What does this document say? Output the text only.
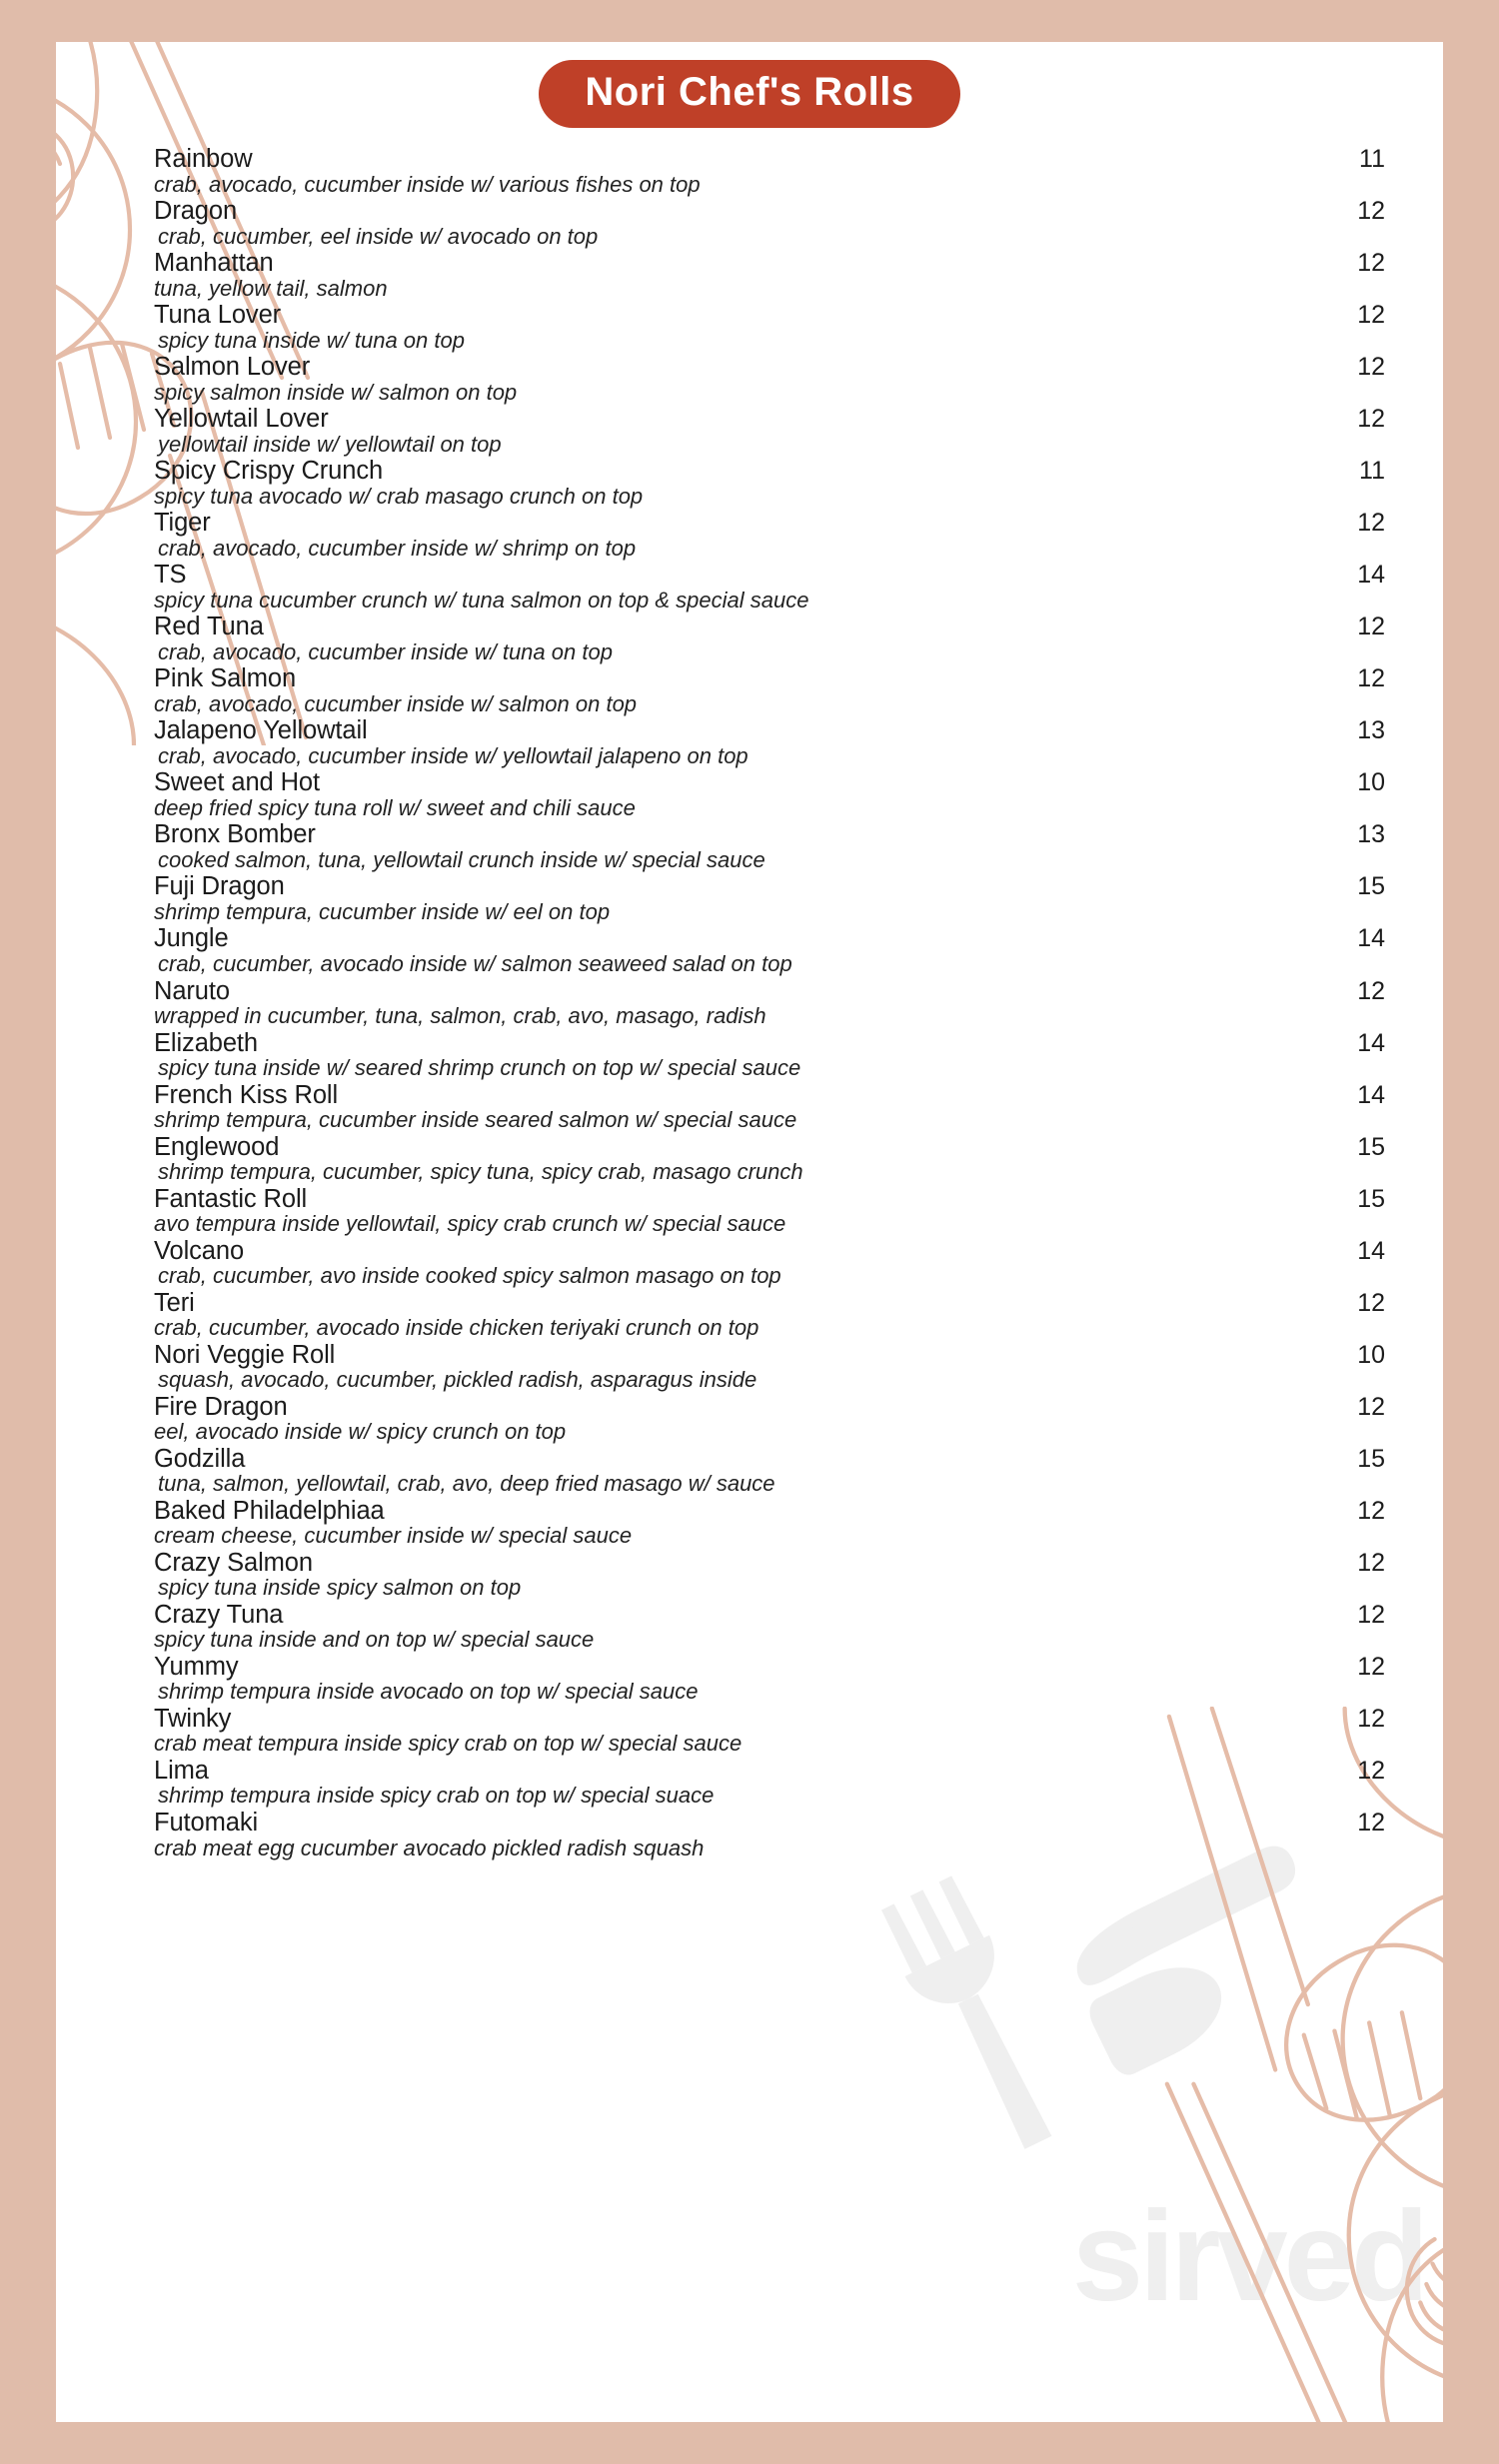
sirved
Nori Chef's Rolls
Rainbow	11
crab, avocado, cucumber inside w/ various fishes on top
Dragon	12
crab, cucumber, eel inside w/ avocado on top
Manhattan	12
tuna, yellow tail, salmon
Tuna Lover	12
spicy tuna inside w/ tuna on top
Salmon Lover	12
spicy salmon inside w/ salmon on top
Yellowtail Lover	12
yellowtail inside w/ yellowtail on top
Spicy Crispy Crunch	11
spicy tuna avocado w/ crab masago crunch on top
Tiger	12
crab, avocado, cucumber inside w/ shrimp on top
TS	14
spicy tuna cucumber crunch w/ tuna salmon on top & special sauce
Red Tuna	12
crab, avocado, cucumber inside w/ tuna on top
Pink Salmon	12
crab, avocado, cucumber inside w/ salmon on top
Jalapeno Yellowtail	13
crab, avocado, cucumber inside w/ yellowtail jalapeno on top
Sweet and Hot	10
deep fried spicy tuna roll w/ sweet and chili sauce
Bronx Bomber	13
cooked salmon, tuna, yellowtail crunch inside w/ special sauce
Fuji Dragon	15
shrimp tempura, cucumber inside w/ eel on top
Jungle	14
crab, cucumber, avocado inside w/ salmon seaweed salad on top
Naruto	12
wrapped in cucumber, tuna, salmon, crab, avo, masago, radish
Elizabeth	14
spicy tuna inside w/ seared shrimp crunch on top w/ special sauce
French Kiss Roll	14
shrimp tempura, cucumber inside seared salmon w/ special sauce
Englewood	15
shrimp tempura, cucumber, spicy tuna, spicy crab, masago crunch
Fantastic Roll	15
avo tempura inside yellowtail, spicy crab crunch w/ special sauce
Volcano	14
crab, cucumber, avo inside cooked spicy salmon masago on top
Teri	12
crab, cucumber, avocado inside chicken teriyaki crunch on top
Nori Veggie Roll	10
squash, avocado, cucumber, pickled radish, asparagus inside
Fire Dragon	12
eel, avocado inside w/ spicy crunch on top
Godzilla	15
tuna, salmon, yellowtail, crab, avo, deep fried masago w/ sauce
Baked Philadelphiaa	12
cream cheese, cucumber inside w/ special sauce
Crazy Salmon	12
spicy tuna inside spicy salmon on top
Crazy Tuna	12
spicy tuna inside and on top w/ special sauce
Yummy	12
shrimp tempura inside avocado on top w/ special sauce
Twinky	12
crab meat tempura inside spicy crab on top w/ special sauce
Lima	12
shrimp tempura inside spicy crab on top w/ special suace
Futomaki	12
crab meat egg cucumber avocado pickled radish squash
